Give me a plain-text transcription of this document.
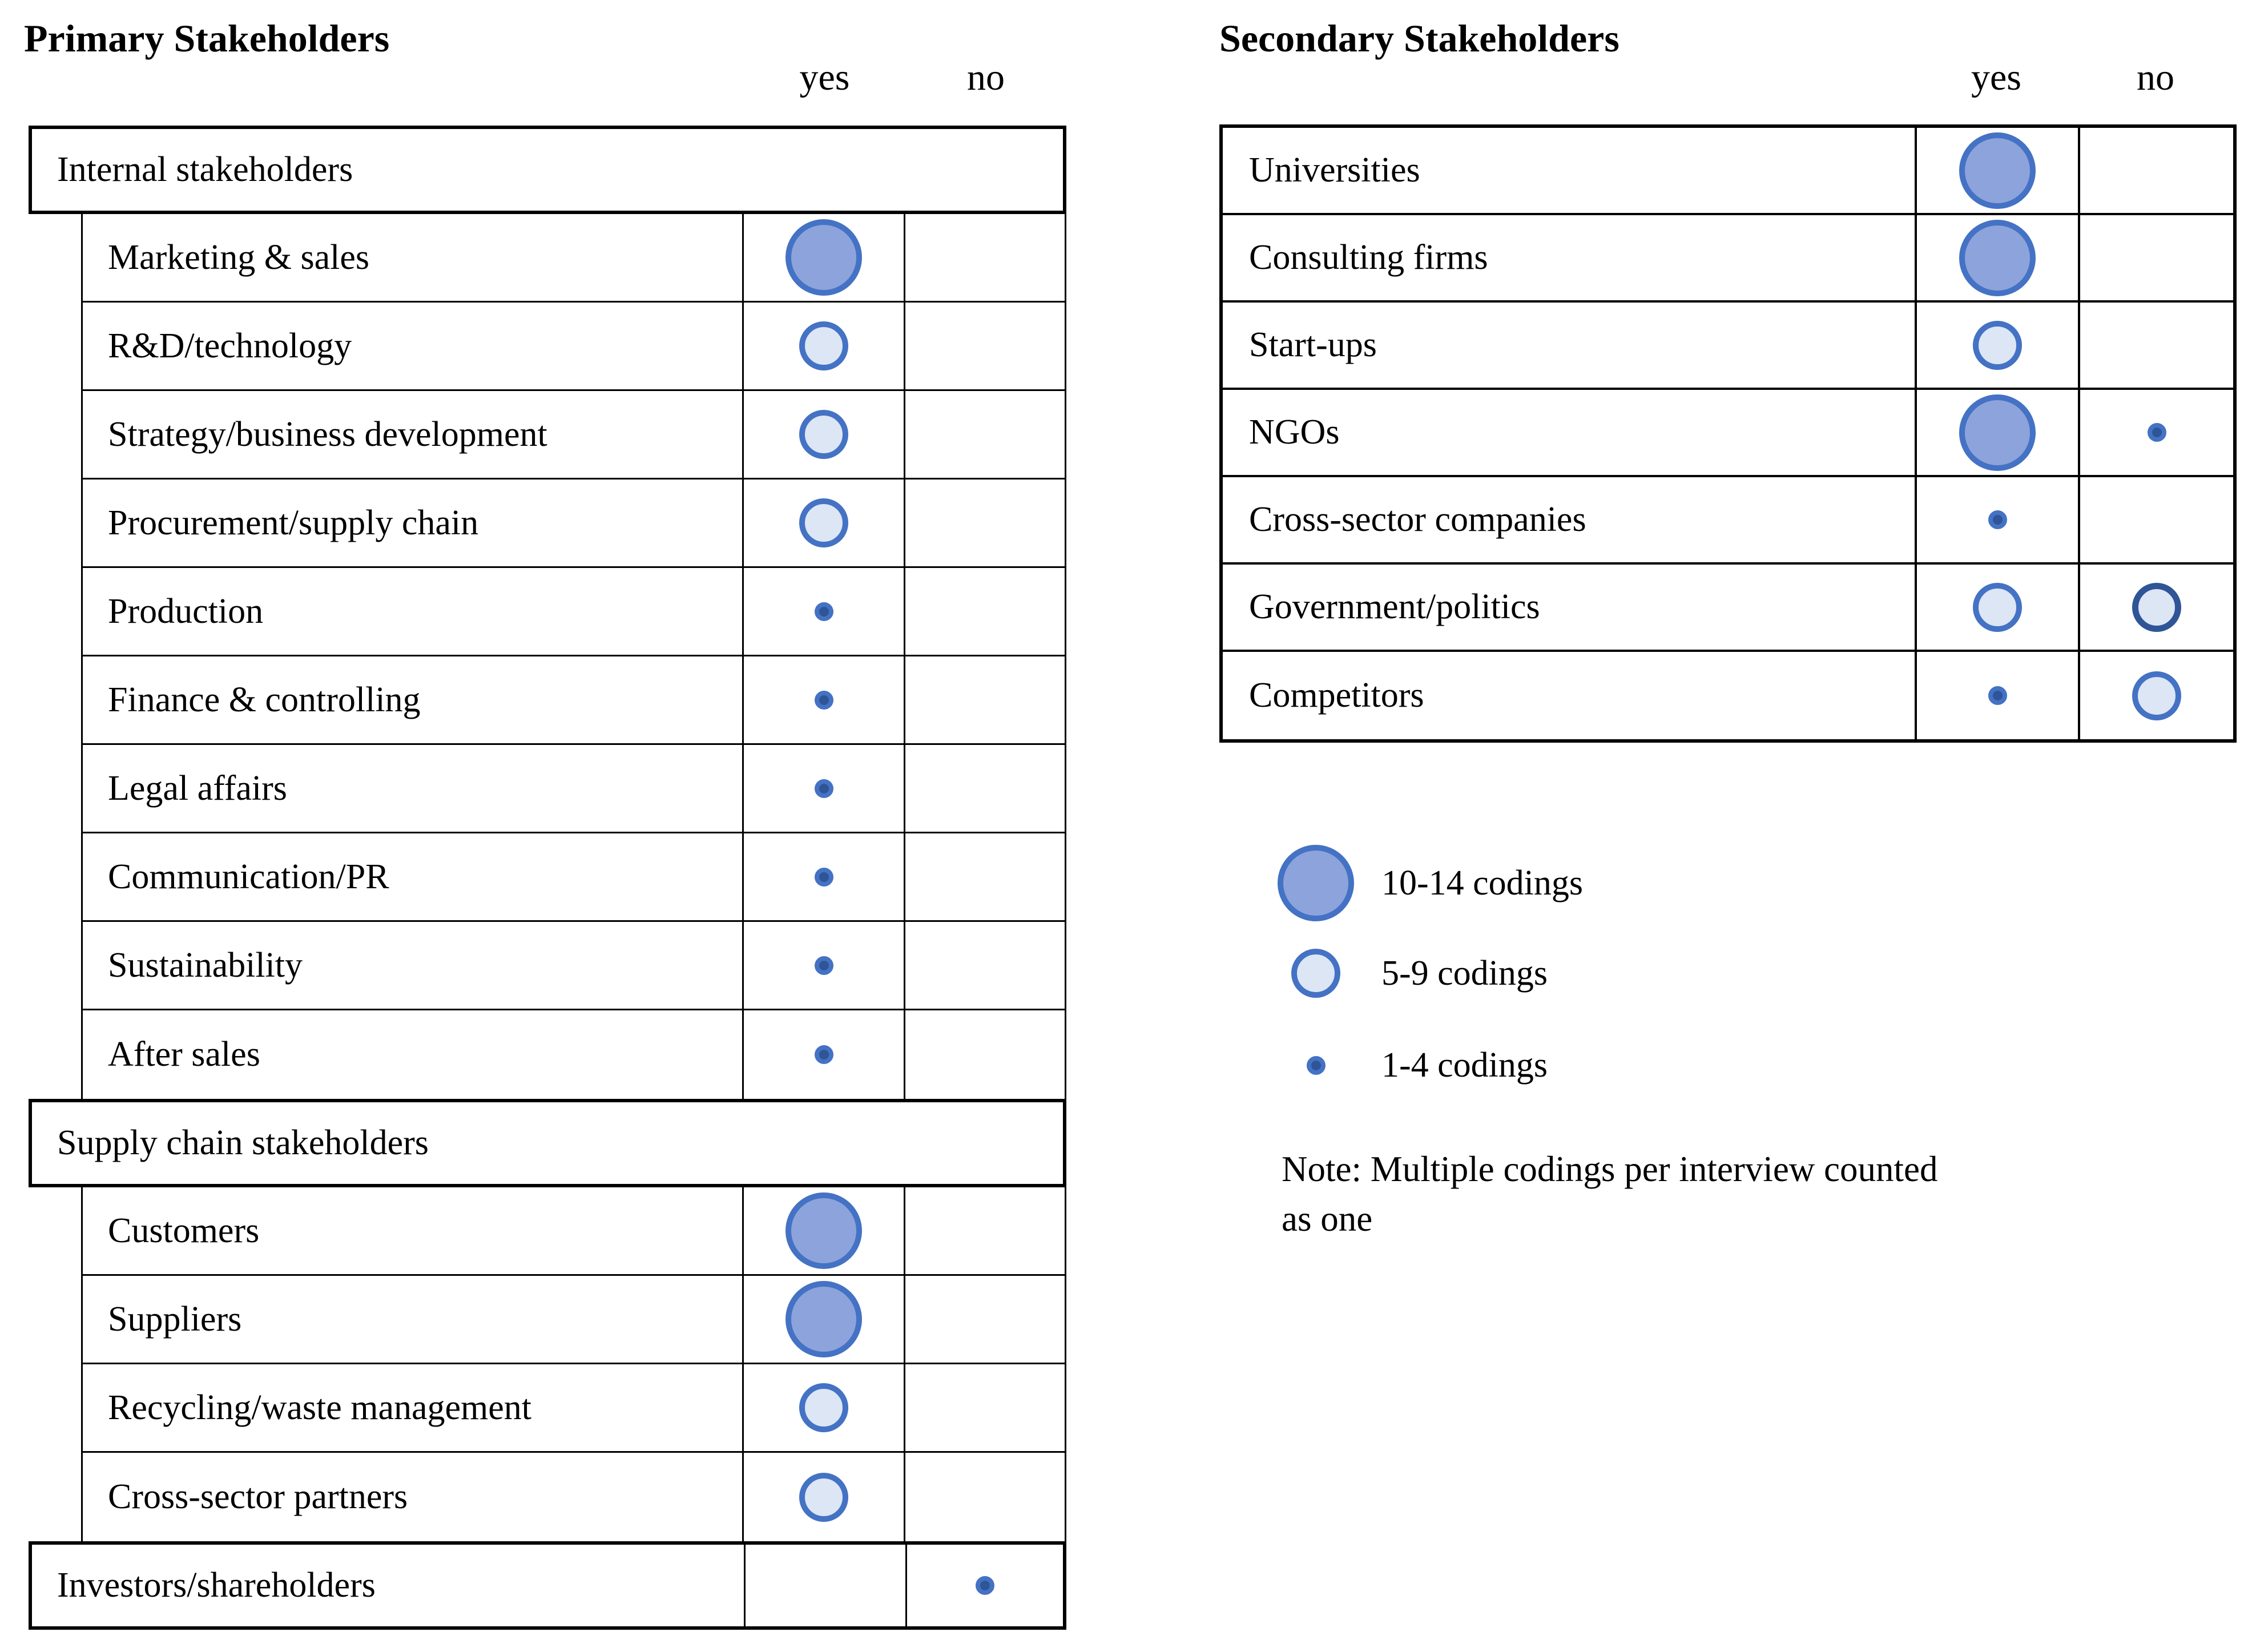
Primary Stakeholders	Secondary Stakeholders
yes	no	yes	no
Internal stakeholders
Marketing & sales
R&D/technology
Strategy/business development
Procurement/supply chain
Production
Finance & controlling
Legal affairs
Communication/PR
Sustainability
After sales
Supply chain stakeholders
Customers
Suppliers
Recycling/waste management
Cross-sector partners
Investors/shareholders
Universities
Consulting firms
Start-ups
NGOs
Cross-sector companies
Government/politics
Competitors
10-14 codings
5-9 codings
1-4 codings
Note: Multiple codings per interview counted as one
